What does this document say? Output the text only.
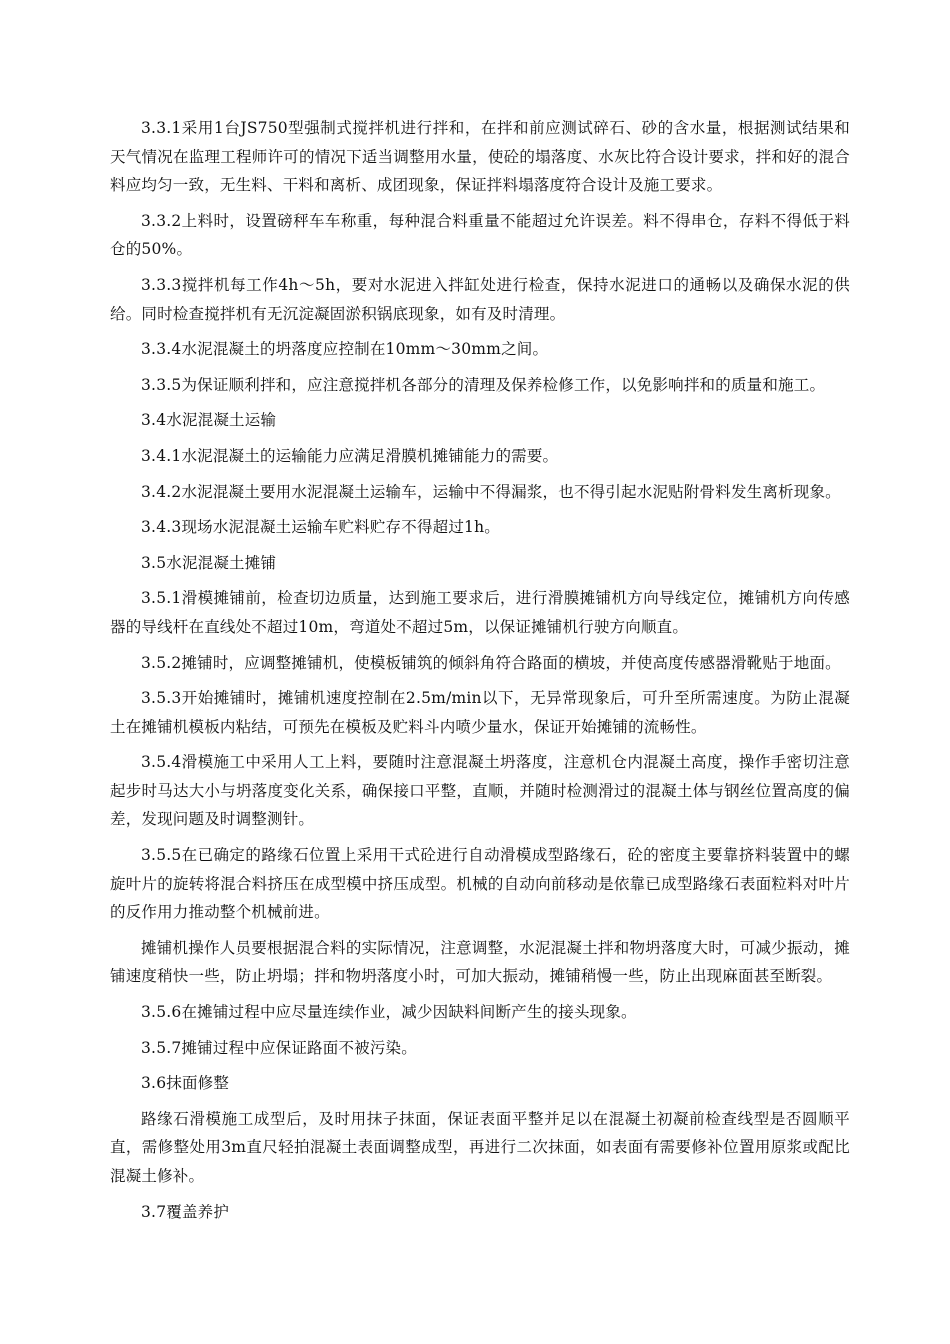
3.3.1采用1台JS750型强制式搅拌机进行拌和，在拌和前应测试碎石、砂的含水量，根据测试结果和天气情况在监理工程师许可的情况下适当调整用水量，使砼的塌落度、水灰比符合设计要求，拌和好的混合料应均匀一致，无生料、干料和离析、成团现象，保证拌料塌落度符合设计及施工要求。

3.3.2上料时，设置磅秤车车称重，每种混合料重量不能超过允许误差。料不得串仓，存料不得低于料仓的50%。

3.3.3搅拌机每工作4h～5h，要对水泥进入拌缸处进行检查，保持水泥进口的通畅以及确保水泥的供给。同时检查搅拌机有无沉淀凝固淤积锅底现象，如有及时清理。

3.3.4水泥混凝土的坍落度应控制在10mm～30mm之间。

3.3.5为保证顺利拌和，应注意搅拌机各部分的清理及保养检修工作，以免影响拌和的质量和施工。

3.4水泥混凝土运输

3.4.1水泥混凝土的运输能力应满足滑膜机摊铺能力的需要。

3.4.2水泥混凝土要用水泥混凝土运输车，运输中不得漏浆，也不得引起水泥贴附骨料发生离析现象。

3.4.3现场水泥混凝土运输车贮料贮存不得超过1h。

3.5水泥混凝土摊铺

3.5.1滑模摊铺前，检查切边质量，达到施工要求后，进行滑膜摊铺机方向导线定位，摊铺机方向传感器的导线杆在直线处不超过10m，弯道处不超过5m，以保证摊铺机行驶方向顺直。

3.5.2摊铺时，应调整摊铺机，使模板铺筑的倾斜角符合路面的横坡，并使高度传感器滑靴贴于地面。

3.5.3开始摊铺时，摊铺机速度控制在2.5m/min以下，无异常现象后，可升至所需速度。为防止混凝土在摊铺机模板内粘结，可预先在模板及贮料斗内喷少量水，保证开始摊铺的流畅性。

3.5.4滑模施工中采用人工上料，要随时注意混凝土坍落度，注意机仓内混凝土高度，操作手密切注意起步时马达大小与坍落度变化关系，确保接口平整，直顺，并随时检测滑过的混凝土体与钢丝位置高度的偏差，发现问题及时调整测针。

3.5.5在已确定的路缘石位置上采用干式砼进行自动滑模成型路缘石，砼的密度主要靠挤料装置中的螺旋叶片的旋转将混合料挤压在成型模中挤压成型。机械的自动向前移动是依靠已成型路缘石表面粒料对叶片的反作用力推动整个机械前进。

摊铺机操作人员要根据混合料的实际情况，注意调整，水泥混凝土拌和物坍落度大时，可减少振动，摊铺速度稍快一些，防止坍塌；拌和物坍落度小时，可加大振动，摊铺稍慢一些，防止出现麻面甚至断裂。

3.5.6在摊铺过程中应尽量连续作业，减少因缺料间断产生的接头现象。

3.5.7摊铺过程中应保证路面不被污染。

3.6抹面修整

路缘石滑模施工成型后，及时用抹子抹面，保证表面平整并足以在混凝土初凝前检查线型是否圆顺平直，需修整处用3m直尺轻拍混凝土表面调整成型，再进行二次抹面，如表面有需要修补位置用原浆或配比混凝土修补。

3.7覆盖养护
